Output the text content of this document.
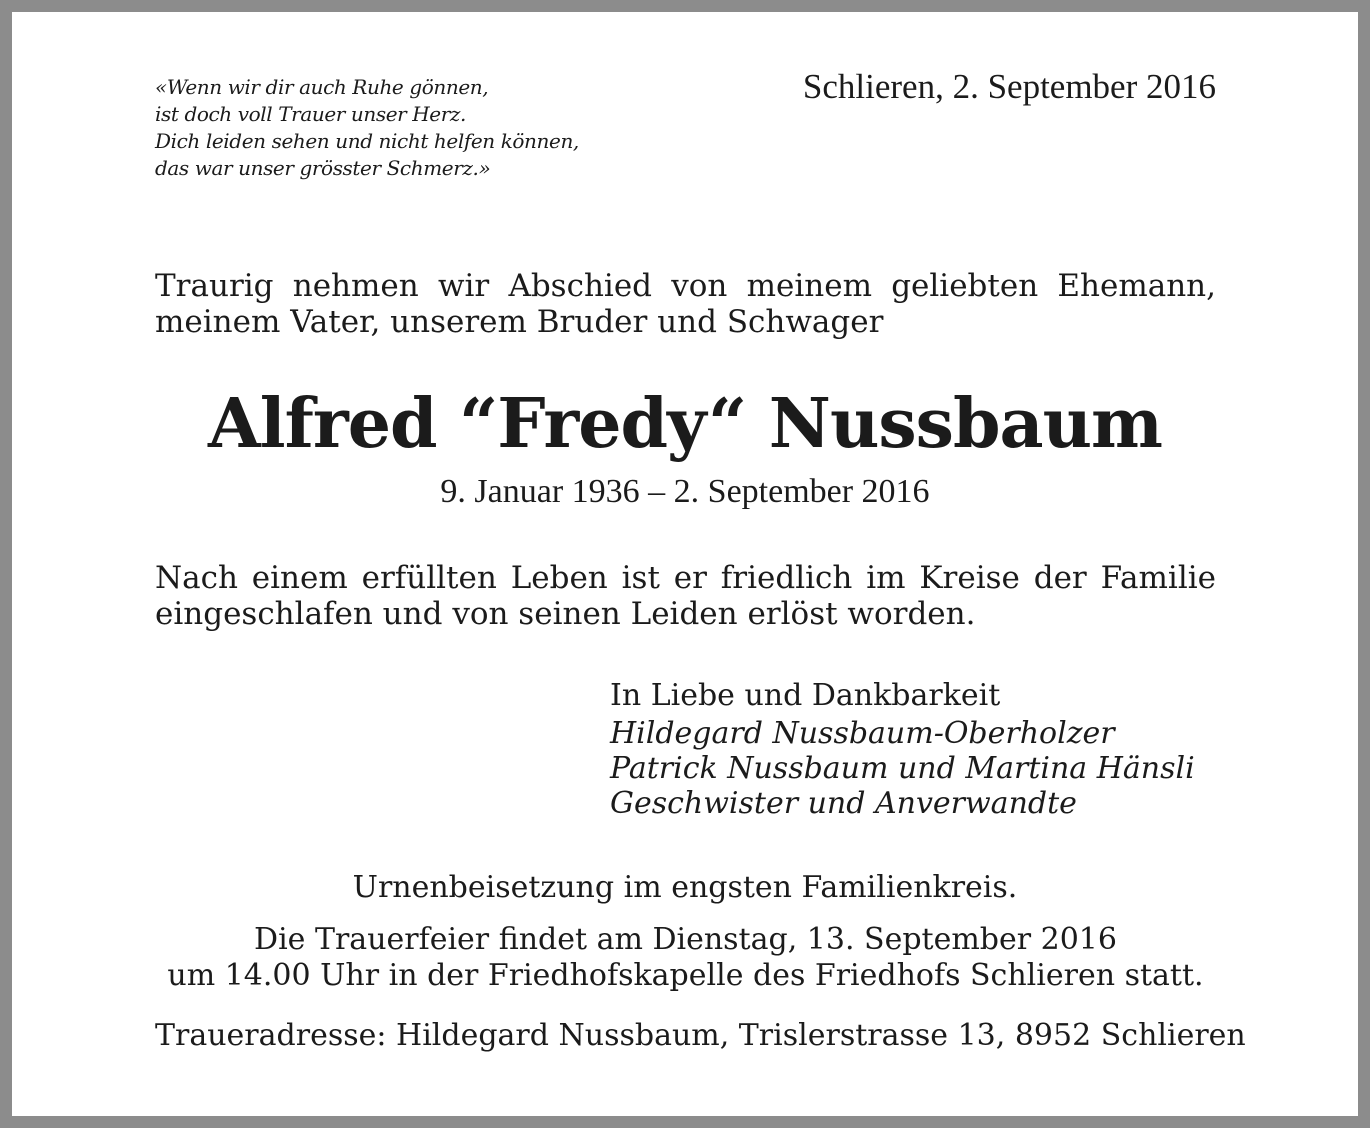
«Wenn wir dir auch Ruhe gönnen,
ist doch voll Trauer unser Herz.
Dich leiden sehen und nicht helfen können,
das war unser grösster Schmerz.»
Schlieren, 2. September 2016
Traurig nehmen wir Abschied von meinem geliebten Ehemann,
meinem Vater, unserem Bruder und Schwager
Alfred “Fredy“ Nussbaum
9. Januar 1936 – 2. September 2016
Nach einem erfüllten Leben ist er friedlich im Kreise der Familie
eingeschlafen und von seinen Leiden erlöst worden.
In Liebe und Dankbarkeit
Hildegard Nussbaum-Oberholzer
Patrick Nussbaum und Martina Hänsli
Geschwister und Anverwandte
Urnenbeisetzung im engsten Familienkreis.
Die Trauerfeier findet am Dienstag, 13. September 2016
um 14.00 Uhr in der Friedhofskapelle des Friedhofs Schlieren statt.
Traueradresse: Hildegard Nussbaum, Trislerstrasse 13, 8952 Schlieren
